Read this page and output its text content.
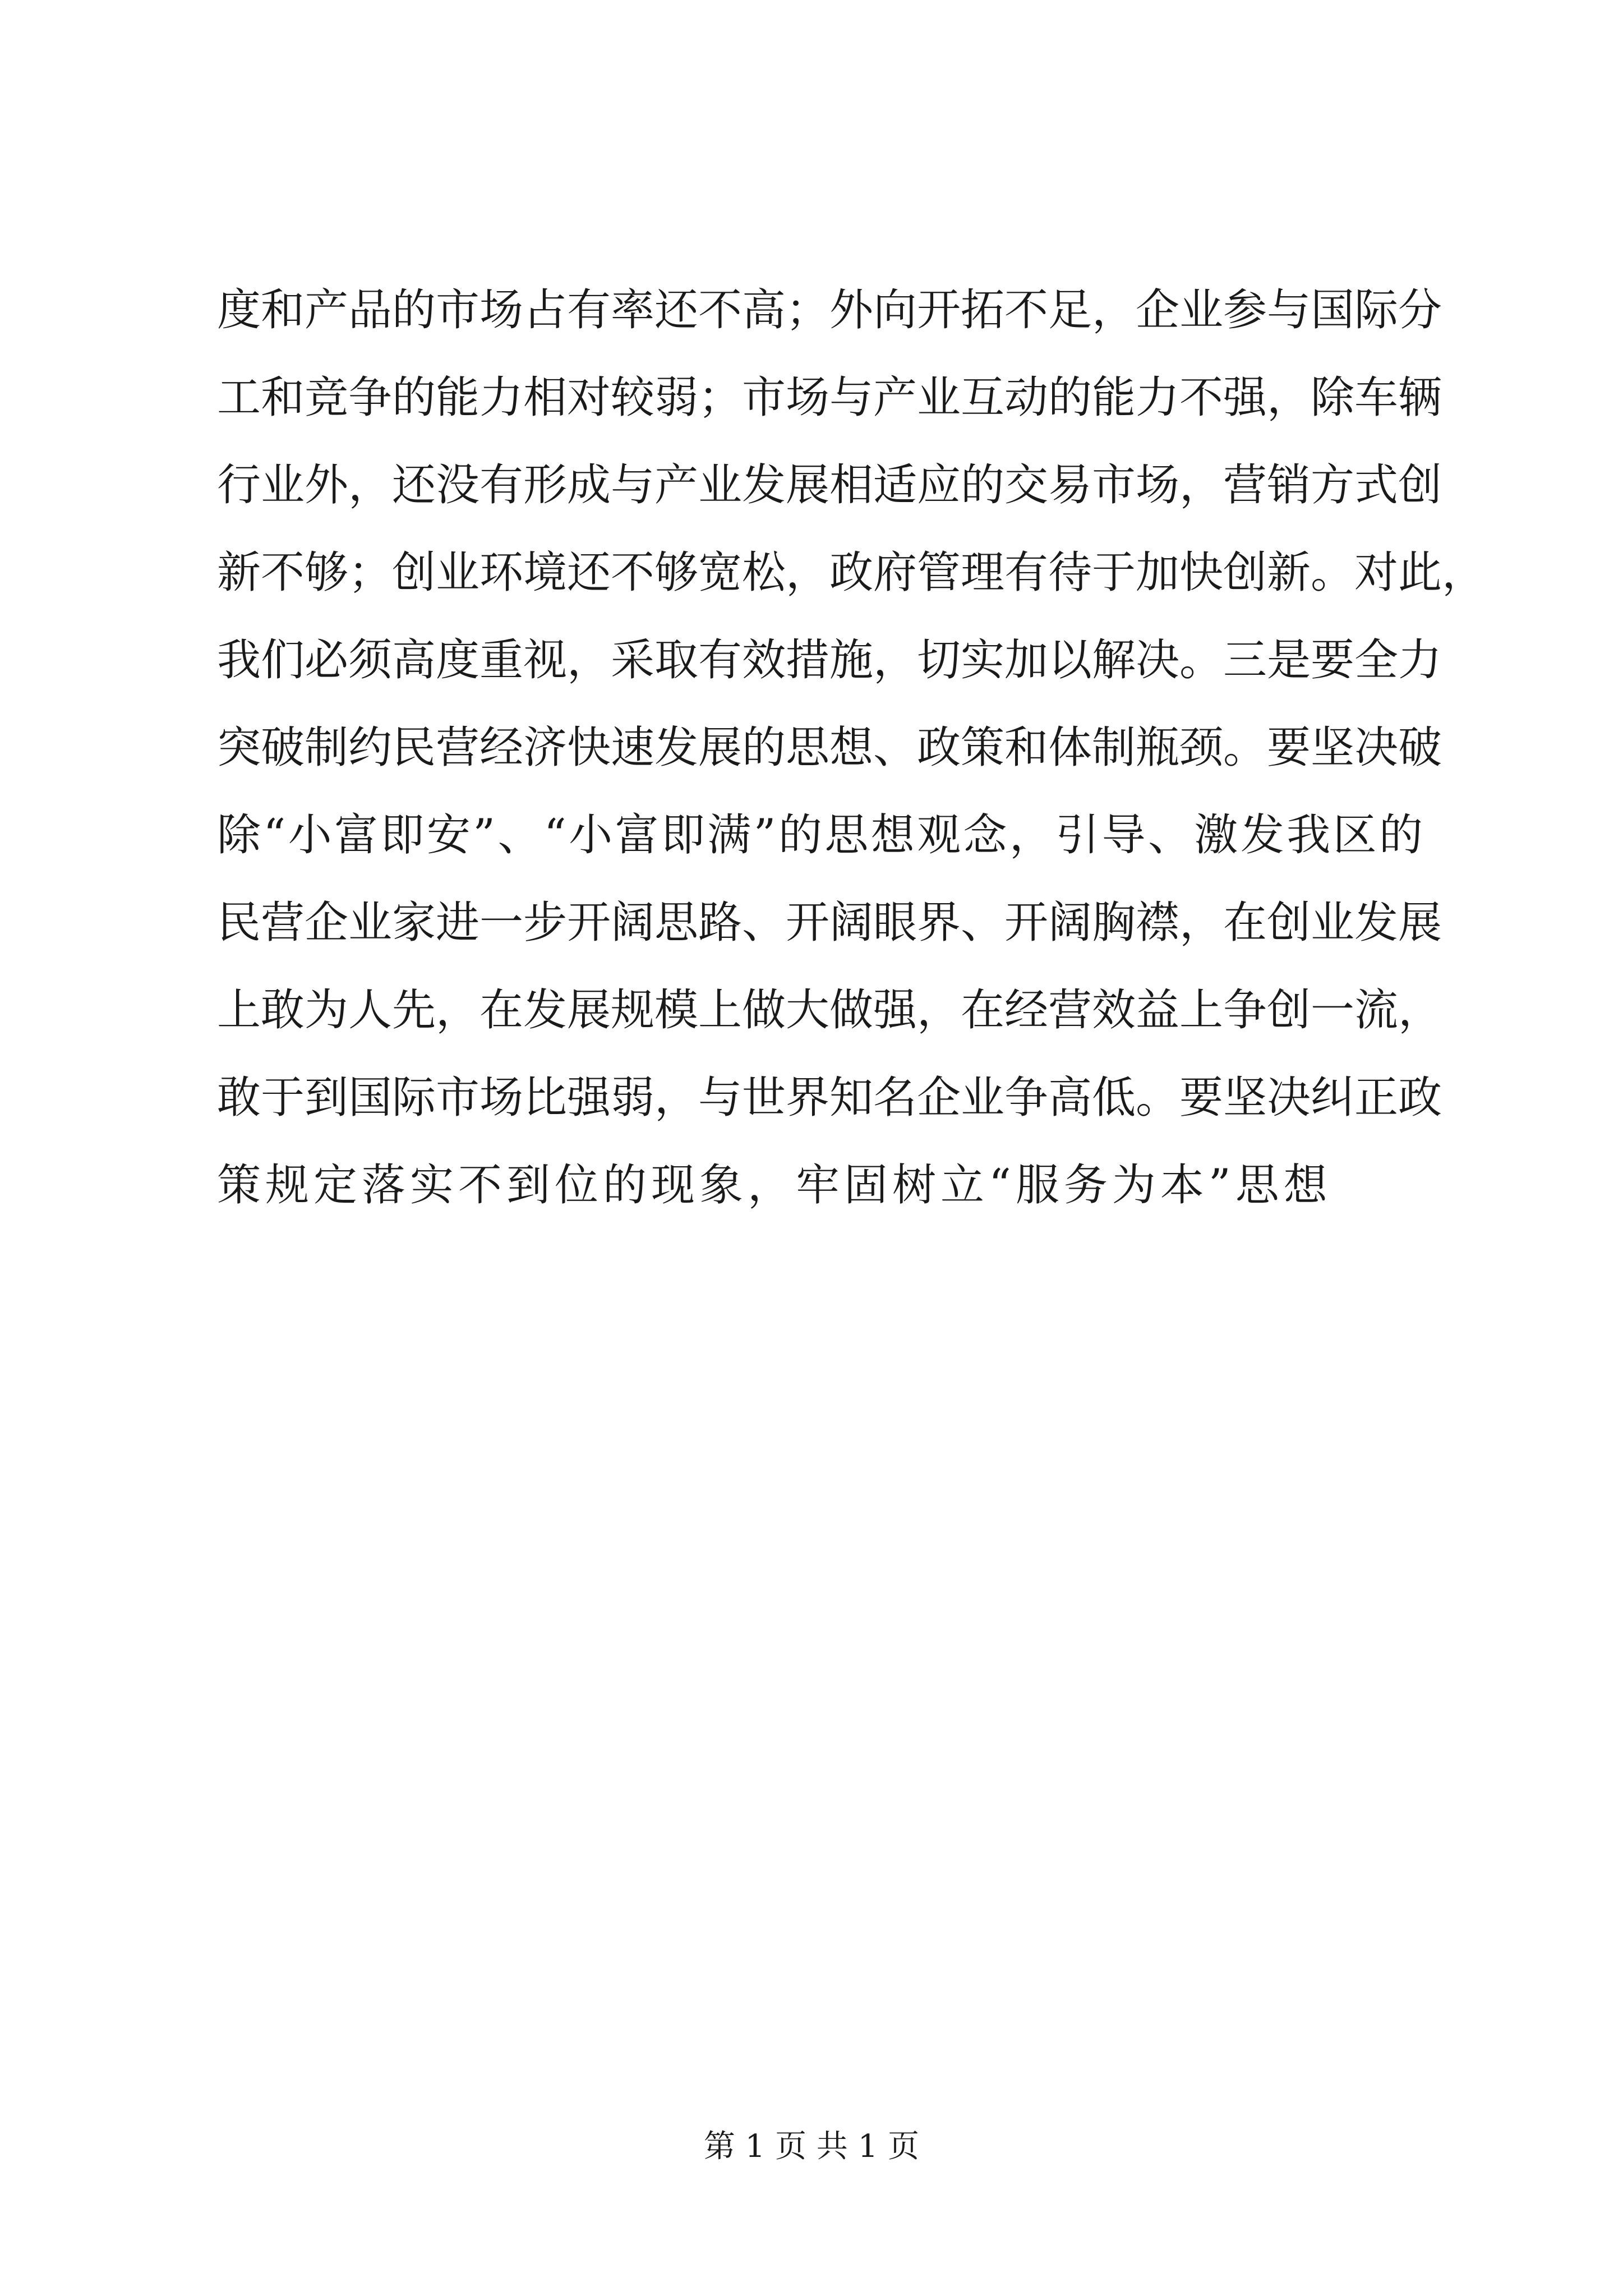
度和产品的市场占有率还不高；外向开拓不足，企业参与国际分
工和竞争的能力相对较弱；市场与产业互动的能力不强，除车辆
行业外，还没有形成与产业发展相适应的交易市场，营销方式创
新不够；创业环境还不够宽松，政府管理有待于加快创新。对此，
我们必须高度重视，采取有效措施，切实加以解决。三是要全力
突破制约民营经济快速发展的思想、政策和体制瓶颈。要坚决破
除“小富即安”、“小富即满”的思想观念，引导、激发我区的
民营企业家进一步开阔思路、开阔眼界、开阔胸襟，在创业发展
上敢为人先，在发展规模上做大做强，在经营效益上争创一流，
敢于到国际市场比强弱，与世界知名企业争高低。要坚决纠正政
策规定落实不到位的现象，牢固树立“服务为本”思想
第 1 页 共 1 页
